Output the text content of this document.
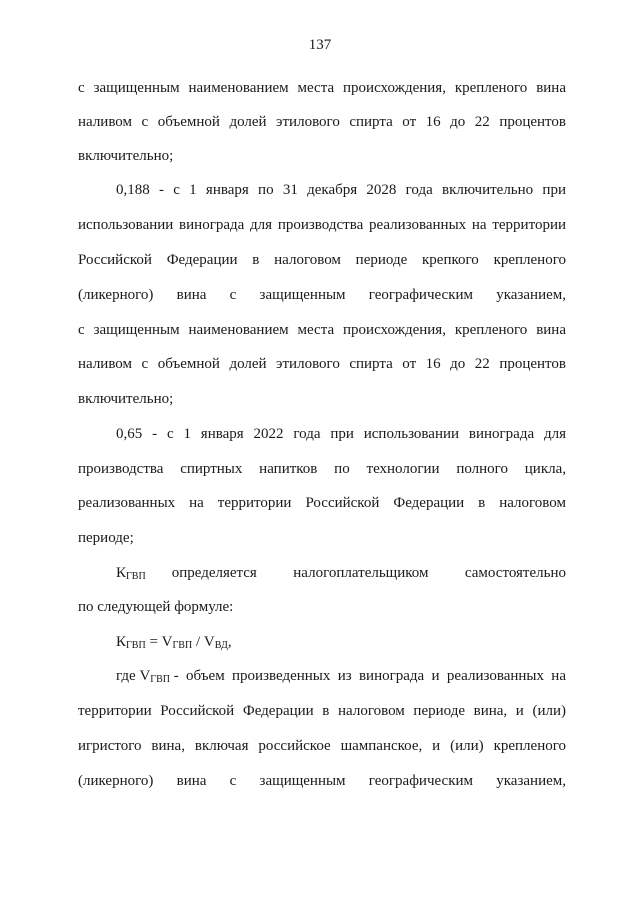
137
с защищенным наименованием места происхождения, крепленого вина
наливом с объемной долей этилового спирта от 16 до 22 процентов
включительно;
0,188 - с 1 января по 31 декабря 2028 года включительно при
использовании винограда для производства реализованных на территории
Российской Федерации в налоговом периоде крепкого крепленого
(ликерного) вина с защищенным географическим указанием,
с защищенным наименованием места происхождения, крепленого вина
наливом с объемной долей этилового спирта от 16 до 22 процентов
включительно;
0,65 - с 1 января 2022 года при использовании винограда для
производства спиртных напитков по технологии полного цикла,
реализованных на территории Российской Федерации в налоговом
периоде;
$К_{ГВП}$ определяется налогоплательщиком самостоятельно
по следующей формуле:
$К_{ГВП} = V_{ГВП} / V_{ВД}$,
где $V_{ГВП}$ - объем произведенных из винограда и реализованных на
территории Российской Федерации в налоговом периоде вина, и (или)
игристого вина, включая российское шампанское, и (или) крепленого
(ликерного) вина с защищенным географическим указанием,
